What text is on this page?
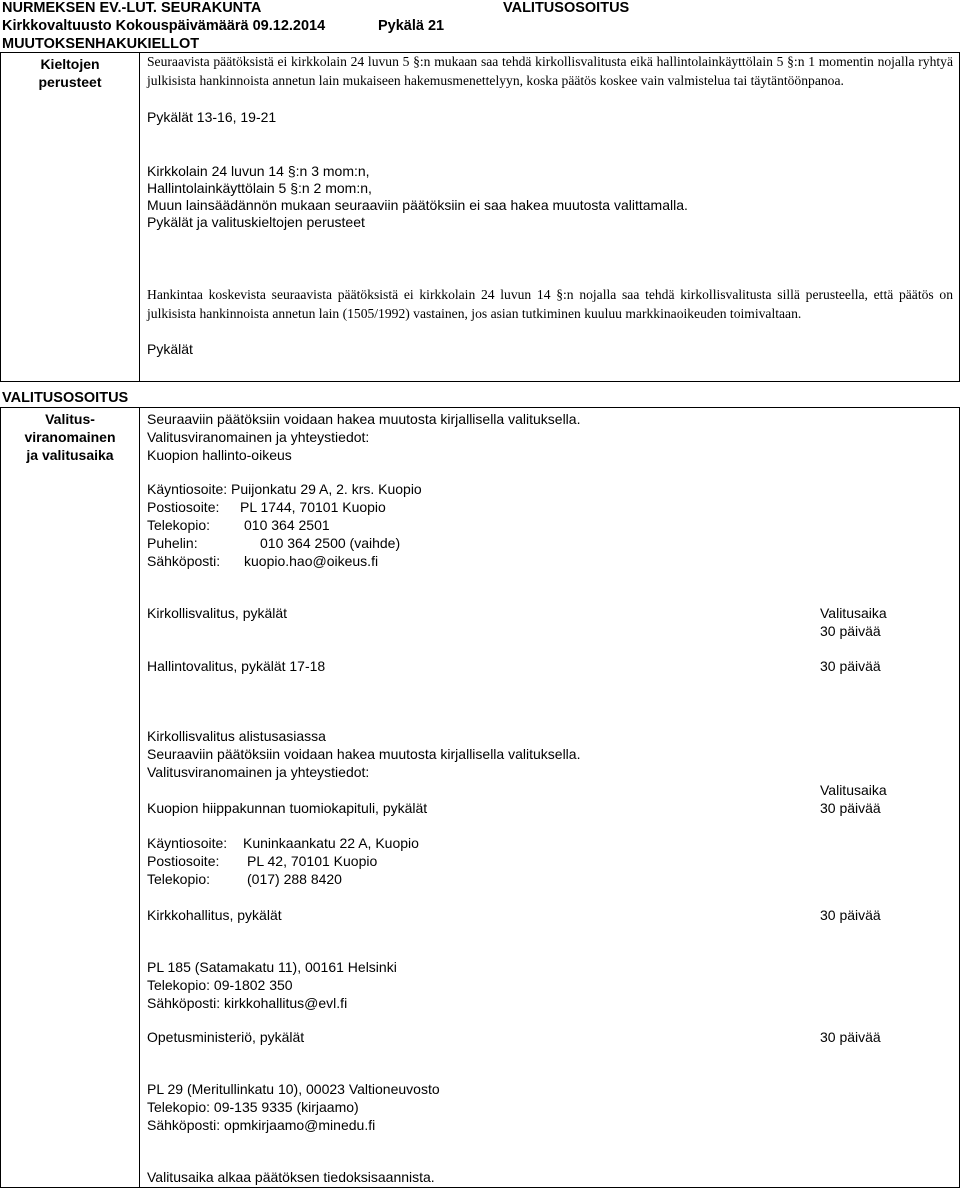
NURMEKSEN EV.-LUT. SEURAKUNTA	VALITUSOSOITUS
Kirkkovaltuusto Kokouspäivämäärä 09.12.2014	Pykälä 21
MUUTOKSENHAKUKIELLOT
Kieltojen
perusteet
Seuraavista päätöksistä ei kirkkolain 24 luvun 5 §:n mukaan saa tehdä kirkollisvalitusta eikä hallintolainkäyttölain 5 §:n 1 momentin nojalla ryhtyä julkisista hankinnoista annetun lain mukaiseen hakemusmenettelyyn, koska päätös koskee vain valmistelua tai täytäntöönpanoa.
Pykälät 13-16, 19-21
Kirkkolain 24 luvun 14 §:n 3 mom:n,
Hallintolainkäyttölain 5 §:n 2 mom:n,
Muun lainsäädännön mukaan seuraaviin päätöksiin ei saa hakea muutosta valittamalla.
Pykälät ja valituskieltojen perusteet
Hankintaa koskevista seuraavista päätöksistä ei kirkkolain 24 luvun 14 §:n nojalla saa tehdä kirkollisvalitusta sillä perusteella, että päätös on julkisista hankinnoista annetun lain (1505/1992) vastainen, jos asian tutkiminen kuuluu markkinaoikeuden toimivaltaan.
Pykälät
VALITUSOSOITUS
Valitus-
viranomainen
ja valitusaika
Seuraaviin päätöksiin voidaan hakea muutosta kirjallisella valituksella.
Valitusviranomainen ja yhteystiedot:
Kuopion hallinto-oikeus
Käyntiosoite: Puijonkatu 29 A, 2. krs. Kuopio
Postiosoite: PL 1744, 70101 Kuopio
Telekopio: 010 364 2501
Puhelin:	010 364 2500 (vaihde)
Sähköposti: kuopio.hao@oikeus.fi
Kirkollisvalitus, pykälät	Valitusaika
30 päivää
Hallintovalitus, pykälät 17-18	30 päivää
Kirkollisvalitus alistusasiassa
Seuraaviin päätöksiin voidaan hakea muutosta kirjallisella valituksella.
Valitusviranomainen ja yhteystiedot:
Valitusaika
Kuopion hiippakunnan tuomiokapituli, pykälät	30 päivää
Käyntiosoite: Kuninkaankatu 22 A, Kuopio
Postiosoite: PL 42, 70101 Kuopio
Telekopio:	(017) 288 8420
Kirkkohallitus, pykälät	30 päivää
PL 185 (Satamakatu 11), 00161 Helsinki
Telekopio: 09-1802 350
Sähköposti: kirkkohallitus@evl.fi
Opetusministeriö, pykälät	30 päivää
PL 29 (Meritullinkatu 10), 00023 Valtioneuvosto
Telekopio: 09-135 9335 (kirjaamo)
Sähköposti: opmkirjaamo@minedu.fi
Valitusaika alkaa päätöksen tiedoksisaannista.
